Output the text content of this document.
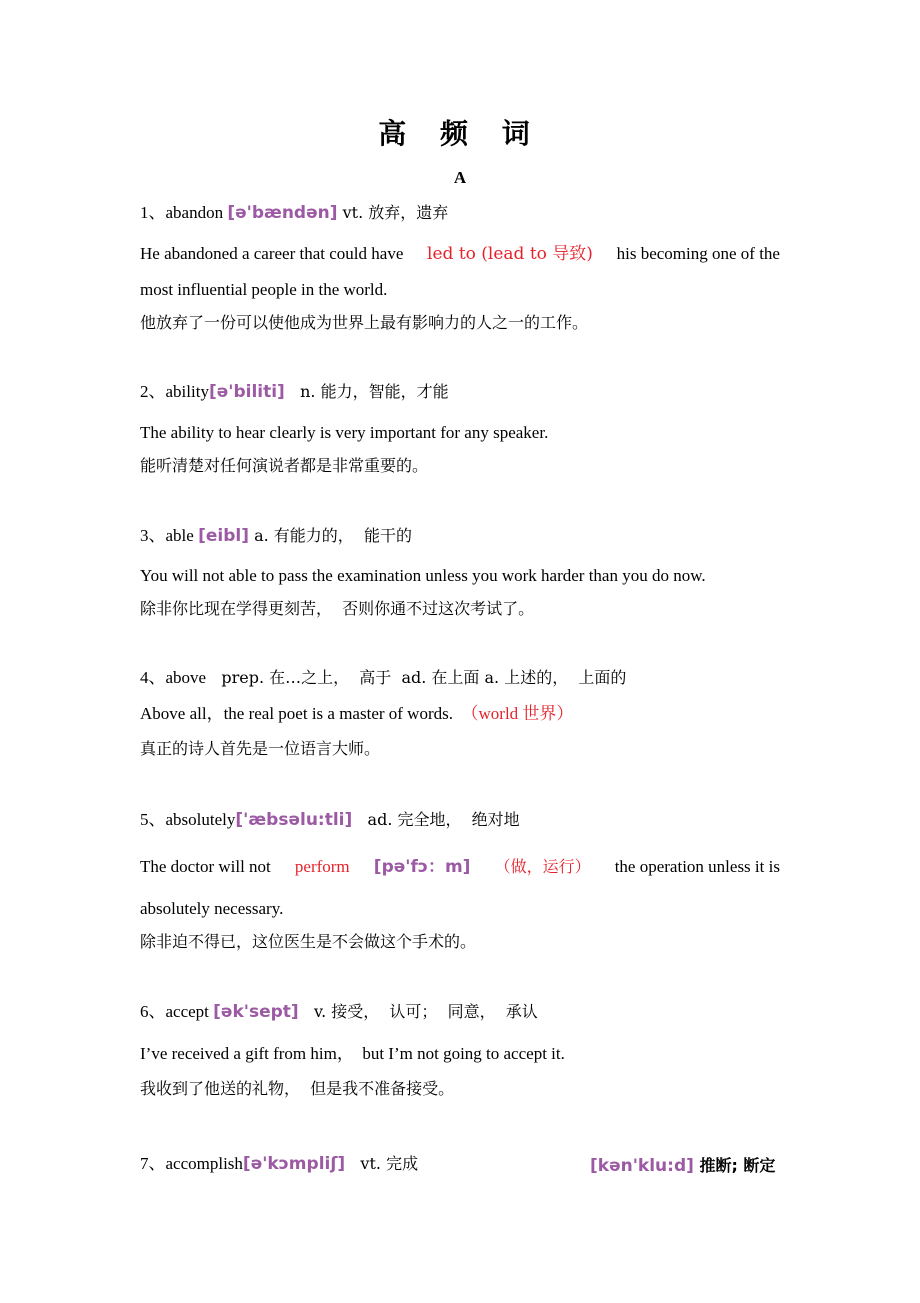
高 频 词
A
1、abandon [ə'bændən] vt. 放弃，遗弃
He abandoned a career that could have led to (lead to 导致) his becoming one of the
most influential people in the world.
他放弃了一份可以使他成为世界上最有影响力的人之一的工作。
2、ability[ə'biliti]   n. 能力，智能，才能
The ability to hear clearly is very important for any speaker.
能听清楚对任何演说者都是非常重要的。
3、able [eibl] a. 有能力的，  能干的
You will not able to pass the examination unless you work harder than you do now.
除非你比现在学得更刻苦，  否则你通不过这次考试了。
4、above   prep. 在…之上，  高于  ad. 在上面 a. 上述的，  上面的
Above all，the real poet is a master of words.  （world 世界）
真正的诗人首先是一位语言大师。
5、absolutely['æbsəlu:tli]   ad. 完全地，  绝对地
The doctor will not perform [pə'fɔ：m] （做，运行） the operation unless it is
absolutely necessary.
除非迫不得已，这位医生是不会做这个手术的。
6、accept [ək'sept]   v. 接受，  认可；  同意，  承认
I’ve received a gift from him，  but I’m not going to accept it.
我收到了他送的礼物，  但是我不准备接受。
7、accomplish[ə'kɔmpliʃ]   vt. 完成	[kən'klu:d] 推断; 断定
